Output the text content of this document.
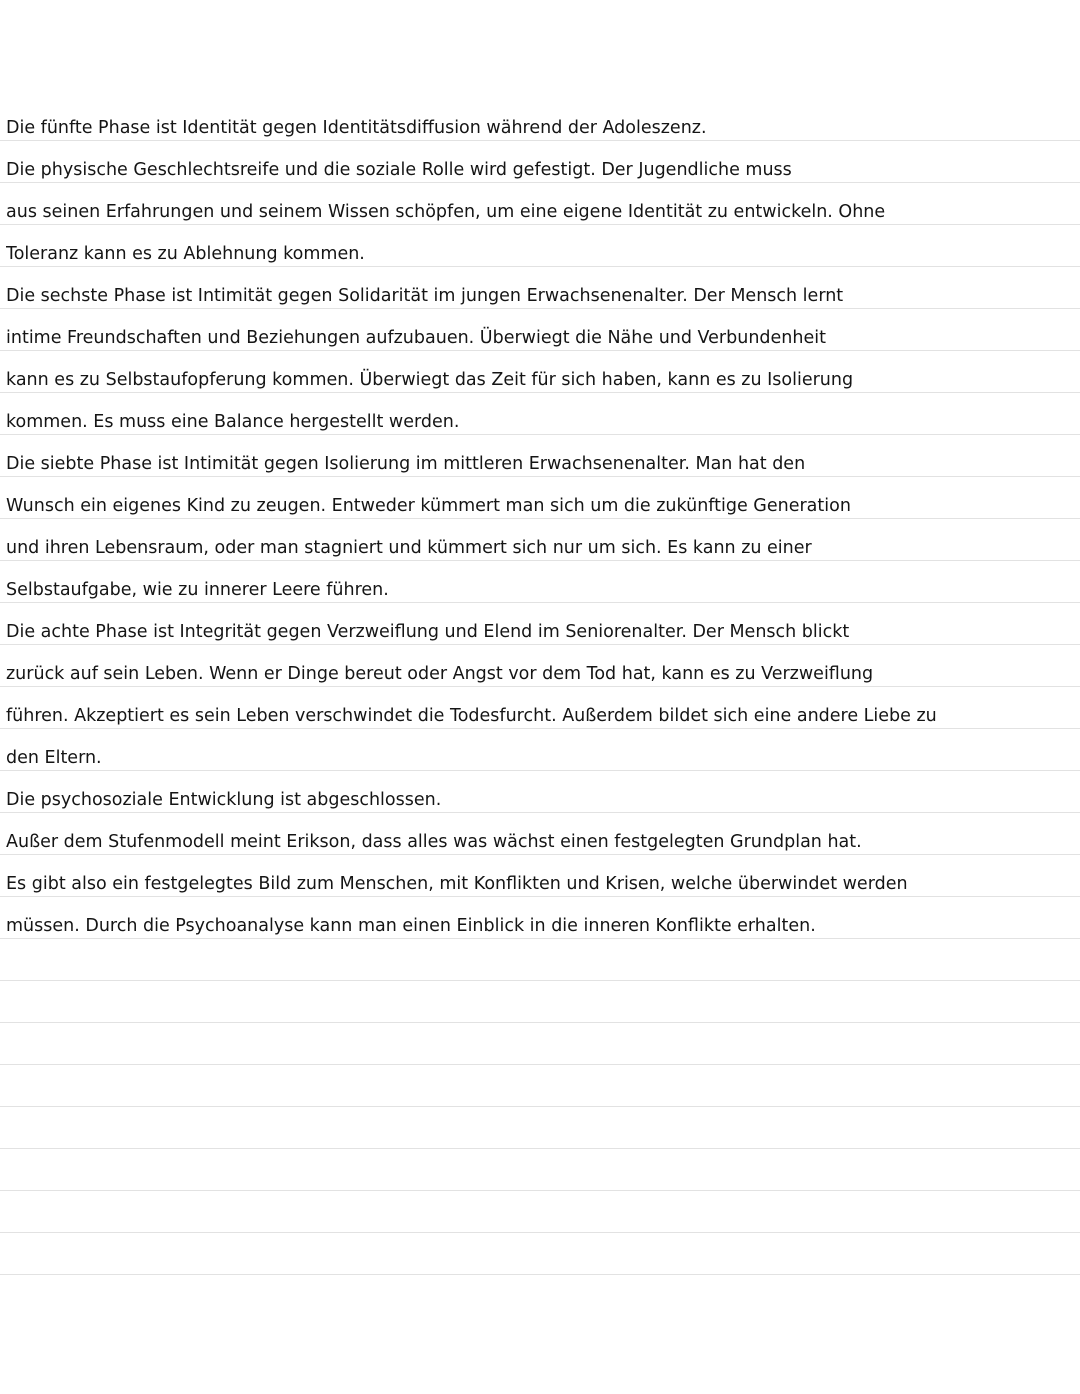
Die fünfte Phase ist Identität gegen Identitätsdiffusion während der Adoleszenz.
Die physische Geschlechtsreife und die soziale Rolle wird gefestigt. Der Jugendliche muss
aus seinen Erfahrungen und seinem Wissen schöpfen, um eine eigene Identität zu entwickeln. Ohne
Toleranz kann es zu Ablehnung kommen.
Die sechste Phase ist Intimität gegen Solidarität im jungen Erwachsenenalter. Der Mensch lernt
intime Freundschaften und Beziehungen aufzubauen. Überwiegt die Nähe und Verbundenheit
kann es zu Selbstaufopferung kommen. Überwiegt das Zeit für sich haben, kann es zu Isolierung
kommen. Es muss eine Balance hergestellt werden.
Die siebte Phase ist Intimität gegen Isolierung im mittleren Erwachsenenalter. Man hat den
Wunsch ein eigenes Kind zu zeugen. Entweder kümmert man sich um die zukünftige Generation
und ihren Lebensraum, oder man stagniert und kümmert sich nur um sich. Es kann zu einer
Selbstaufgabe, wie zu innerer Leere führen.
Die achte Phase ist Integrität gegen Verzweiflung und Elend im Seniorenalter. Der Mensch blickt
zurück auf sein Leben. Wenn er Dinge bereut oder Angst vor dem Tod hat, kann es zu Verzweiflung
führen. Akzeptiert es sein Leben verschwindet die Todesfurcht. Außerdem bildet sich eine andere Liebe zu
den Eltern.
Die psychosoziale Entwicklung ist abgeschlossen.
Außer dem Stufenmodell meint Erikson, dass alles was wächst einen festgelegten Grundplan hat.
Es gibt also ein festgelegtes Bild zum Menschen, mit Konflikten und Krisen, welche überwindet werden
müssen. Durch die Psychoanalyse kann man einen Einblick in die inneren Konflikte erhalten.
